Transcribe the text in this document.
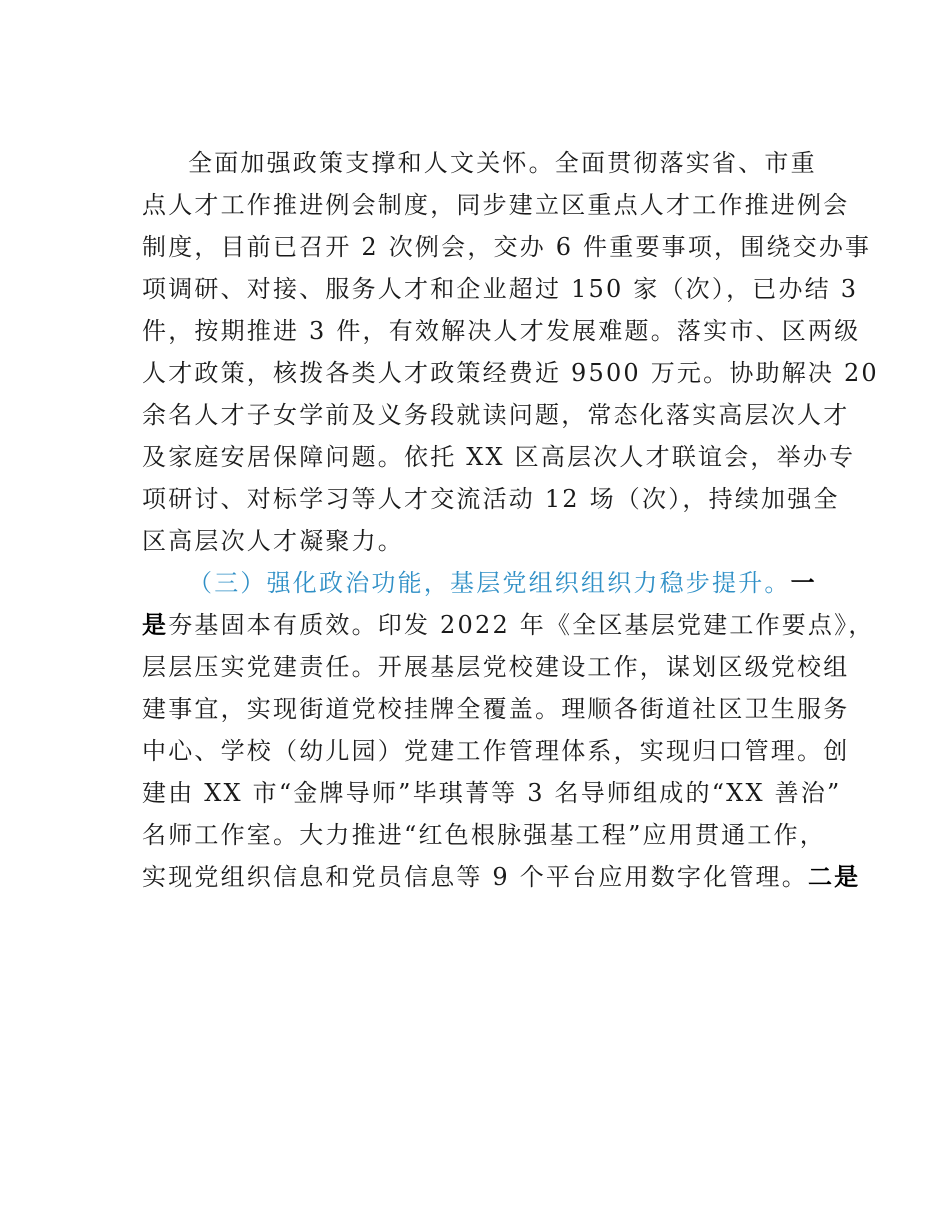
全面加强政策支撑和人文关怀。全面贯彻落实省、市重
点人才工作推进例会制度，同步建立区重点人才工作推进例会
制度，目前已召开 2 次例会，交办 6 件重要事项，围绕交办事
项调研、对接、服务人才和企业超过 150 家（次），已办结 3
件，按期推进 3 件，有效解决人才发展难题。落实市、区两级
人才政策，核拨各类人才政策经费近 9500 万元。协助解决 20
余名人才子女学前及义务段就读问题，常态化落实高层次人才
及家庭安居保障问题。依托 XX 区高层次人才联谊会，举办专
项研讨、对标学习等人才交流活动 12 场（次），持续加强全
区高层次人才凝聚力。
（三）强化政治功能，基层党组织组织力稳步提升。一
是夯基固本有质效。印发 2022 年《全区基层党建工作要点》，
层层压实党建责任。开展基层党校建设工作，谋划区级党校组
建事宜，实现街道党校挂牌全覆盖。理顺各街道社区卫生服务
中心、学校（幼儿园）党建工作管理体系，实现归口管理。创
建由 XX 市“金牌导师”毕琪菁等 3 名导师组成的“XX 善治”
名师工作室。大力推进“红色根脉强基工程”应用贯通工作，
实现党组织信息和党员信息等 9 个平台应用数字化管理。二是
